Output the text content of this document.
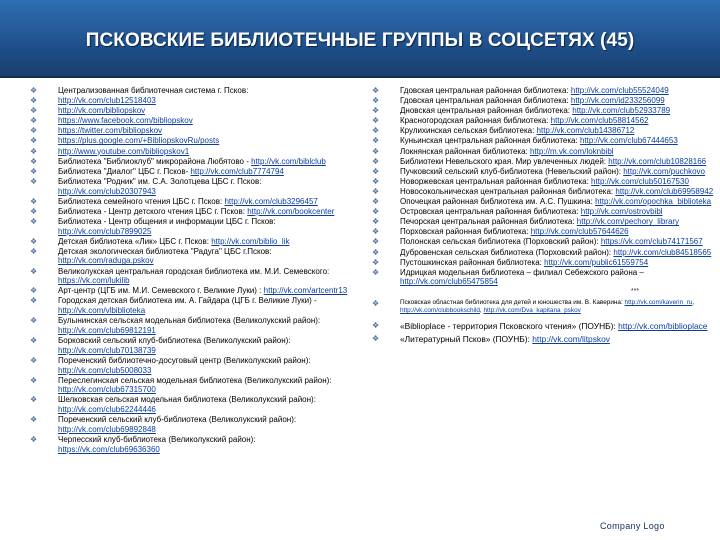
ПСКОВСКИЕ БИБЛИОТЕЧНЫЕ ГРУППЫ В СОЦСЕТЯХ (45)
❖	Централизованная библиотечная система г. Псков:
❖	http://vk.com/club12518403
❖	http://vk.com/bibliopskov
❖	https://www.facebook.com/bibliopskov
❖	https://twitter.com/bibliopskov
❖	https://plus.google.com/+BibliopskovRu/posts
❖	http://www.youtube.com/bibliopskov1
❖	Библиотека "Библиоклуб" микрорайона Любятово - http://vk.com/biblclub
❖	Библиотека "Диалог" ЦБС г. Псков- http://vk.com/club7774794
❖	Библиотека "Родник" им. С.А. Золотцева ЦБС г. Псков: http://vk.com/club20307943
❖	Библиотека семейного чтения ЦБС г. Псков: http://vk.com/club3296457
❖	Библиотека - Центр детского чтения ЦБС г. Псков: http://vk.com/bookcenter
❖	Библиотека - Центр общения и информации ЦБС г. Псков: http://vk.com/club7899025
❖	Детская библиотека «Лик» ЦБС г. Псков: http://vk.com/biblio_lik
❖	Детская экологическая библиотека "Радуга" ЦБС г.Псков: http://vk.com/raduga.pskov
❖	Великолукская центральная городская библиотека им. М.И. Семевского: https://vk.com/lukilib
❖	Арт-центр (ЦГБ им. М.И. Семевского г. Великие Луки) : http://vk.com/artcentr13
❖	Городская детская библиотека им. А. Гайдара (ЦГБ г. Великие Луки) - http://vk.com/vlbiblioteka
❖	Булынинская сельская модельная библиотека (Великолукский район): http://vk.com/club69812191
❖	Борковский сельский клуб-библиотека (Великолукский район): http://vk.com/club70138739
❖	Пореченский библиотечно-досуговый центр (Великолукский район): http://vk.com/club5008033
❖	Переслегинская сельская модельная библиотека (Великолукский район): http://vk.com/club67315700
❖	Шелковская сельская модельная библиотека (Великолукский район): http://vk.com/club62244446
❖	Пореченский сельский клуб-библиотека (Великолукский район): http://vk.com/club69892848
❖	Черпесский клуб-библиотека (Великолукский район): https://vk.com/club69636360
❖	Гдовская центральная районная библиотека: http://vk.com/club55524049
❖	Гдовская центральная районная библиотека: http://vk.com/id233256099
❖	Дновская центральная районная библиотека: http://vk.com/club52933789
❖	Красногородская районная библиотека: http://vk.com/club58814562
❖	Крулихинская сельская библиотека: http://vk.com/club14386712
❖	Куньинская центральная районная библиотека: http://vk.com/club67444653
❖	Локнянская районная библиотека: http://m.vk.com/loknbibl
❖	Библиотеки Невельского края. Мир увлеченных людей: http://vk.com/club10828166
❖	Пучковский сельский клуб-библиотека (Невельский район): http://vk.com/puchkovo
❖	Новоржевская центральная районная библиотека: http://vk.com/club50167530
❖	Новосокольническая центральная районная библиотека: http://vk.com/club69958942
❖	Опочецкая районная библиотека им. А.С. Пушкина: http://vk.com/opochka_biblioteka
❖	Островская центральная районная библиотека: http://vk.com/ostrovbibl
❖	Печорская центральная районная библиотека: http://vk.com/pechory_library
❖	Порховская районная библиотека: http://vk.com/club57644626
❖	Полонская сельская библиотека (Порховский район): https://vk.com/club74171567
❖	Дубровенская сельская библиотека (Порховский район): http://vk.com/club84518565
❖	Пустошкинская районная библиотека: http://vk.com/public61559754
❖	Идрицкая модельная библиотека – филиал Себежского района – http://vk.com/club65475854
***
❖	Псковская областная библиотека для детей и юношества им. В. Каверина: http://vk.com/kaverin_ru, http://vk.com/clubbookschild, http://vk.com/Dva_kapitana_pskov
❖ «Biblioplace - территория Псковского чтения» (ПОУНБ): http://vk.com/biblioplace
❖ «Литературный Псков» (ПОУНБ): http://vk.com/litpskov
Company Logo
